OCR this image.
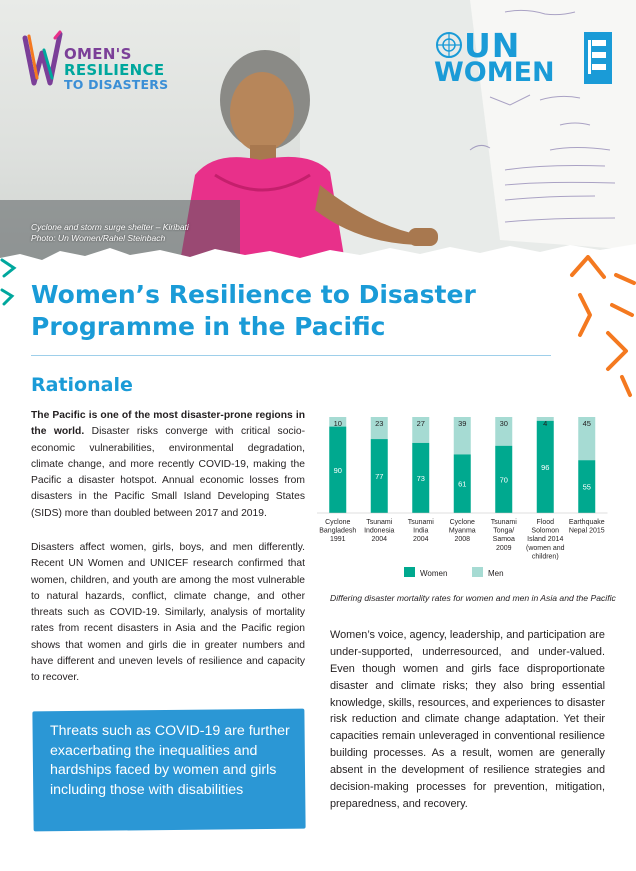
OMEN'S
RESILIENCE
TO DISASTERS
UN
WOMEN
Cyclone and storm surge shelter – Kiribati
Photo: Un Women/Rahel Steinbach
Women’s Resilience to Disaster Programme in the Pacific
Rationale
The Pacific is one of the most disaster-prone regions in the world. Disaster risks converge with critical socio-economic vulnerabilities, environmental degradation, climate change, and more recently COVID-19, making the Pacific a disaster hotspot. Annual economic losses from disasters in the Pacific Small Island Developing States (SIDS) more than doubled between 2017 and 2019.
Disasters affect women, girls, boys, and men differently. Recent UN Women and UNICEF research confirmed that women, children, and youth are among the most vulnerable to natural hazards, conflict, climate change, and other threats such as COVID-19. Similarly, analysis of mortality rates from recent disasters in Asia and the Pacific region shows that women and girls die in greater numbers and have different and uneven levels of resilience and capacity to recover.
Threats such as COVID-19 are further exacerbating the inequalities and hardships faced by women and girls including those with disabilities
10
90
Cyclone
Bangladesh
1991
23
77
Tsunami
Indonesia
2004
27
73
Tsunami
India
2004
39
61
Cyclone
Myanma
2008
30
70
Tsunami
Tonga/
Samoa
2009
4
96
Flood
Solomon
Island 2014
(women and
children)
45
55
Earthquake
Nepal 2015
Women	Men
Differing disaster mortality rates for women and men in Asia and the Pacific
Women’s voice, agency, leadership, and participation are under-supported, underresourced, and under-valued. Even though women and girls face disproportionate disaster and climate risks; they also bring essential knowledge, skills, resources, and experiences to disaster risk reduction and climate change adaptation. Yet their capacities remain unleveraged in conventional resilience building processes. As a result, women are generally absent in the development of resilience strategies and decision-making processes for prevention, mitigation, preparedness, and recovery.
